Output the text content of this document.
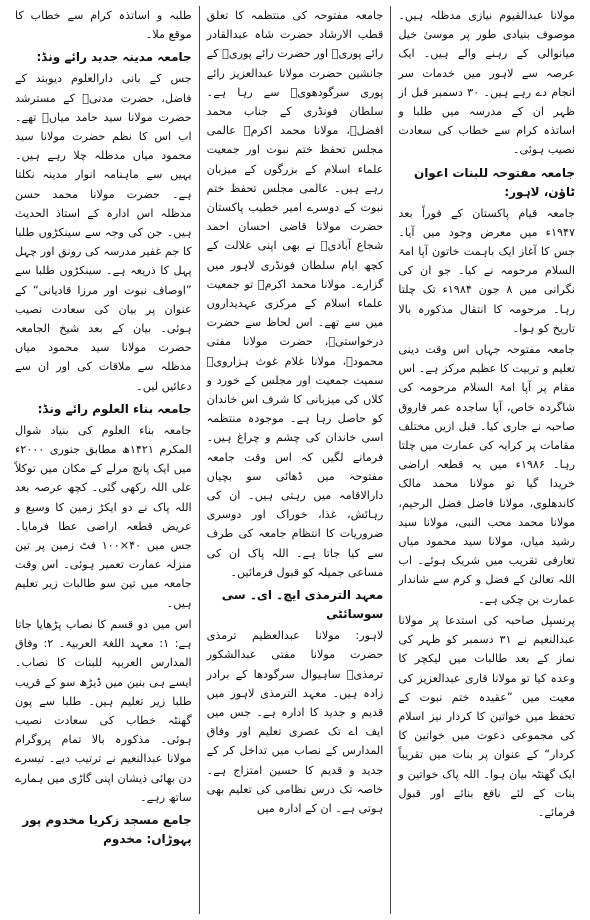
مولانا عبدالقیوم نیازی مدظلہ ہیں۔ موصوف بنیادی طور پر موسیٰ خیل میانوالی کے رہنے والے ہیں۔ ایک عرصہ سے لاہور میں خدمات سر انجام دے رہے ہیں۔ ۳۰ دسمبر قبل از ظہر ان کے مدرسہ میں طلبا و اساتذہ کرام سے خطاب کی سعادت نصیب ہوئی۔

جامعہ مفتوحہ للبنات اعوان ٹاؤن، لاہور:

جامعہ قیام پاکستان کے فوراً بعد ۱۹۴۷ء میں معرض وجود میں آیا۔ جس کا آغاز ایک باہمت خاتون آپا امۃ السلام مرحومہ نے کیا۔ جو ان کی نگرانی میں ۸ جون ۱۹۸۴ء تک چلتا رہا۔ مرحومہ کا انتقال مذکورہ بالا تاریخ کو ہوا۔

جامعہ مفتوحہ جہاں اس وقت دینی تعلیم و تربیت کا عظیم مرکز ہے۔ اس مقام پر آپا امۃ السلام مرحومہ کی شاگردہ خاص، آپا ساجدہ عمر فاروق صاحبہ نے جاری کیا۔ قبل ازیں مختلف مقامات پر کرایہ کی عمارت میں چلتا رہا۔ ۱۹۸۶ء میں یہ قطعہ اراضی خریدا گیا تو مولانا محمد مالک کاندھلوی، مولانا فاضل فضل الرحیم، مولانا محمد محب النبی، مولانا سید رشید میاں، مولانا سید محمود میاں تعارفی تقریب میں شریک ہوئے۔ اب اللہ تعالیٰ کے فضل و کرم سے شاندار عمارت بن چکی ہے۔

پرنسپل صاحبہ کی استدعا پر مولانا عبدالنعیم نے ۳۱ دسمبر کو ظہر کی نماز کے بعد طالبات میں لیکچر کا وعدہ کیا تو مولانا قاری عبدالعزیز کی معیت میں ”عقیدہ ختم نبوت کے تحفظ میں خواتین کا کردار نیز اسلام کی مجموعی دعوت میں خواتین کا کردار“ کے عنوان پر بنات میں تقریباً ایک گھنٹہ بیان ہوا۔ اللہ پاک خواتین و بنات کے لئے نافع بنائے اور قبول فرمائے۔

جامعہ مفتوحہ کی منتظمہ کا تعلق قطب الارشاد حضرت شاہ عبدالقادر رائے پوریؒ اور حضرت رائے پوریؒ کے جانشین حضرت مولانا عبدالعزیز رائے پوری سرگودھویؒ سے رہا ہے۔ سلطان فونڈری کے جناب محمد افضلؒ، مولانا محمد اکرمؒ عالمی مجلس تحفظ ختم نبوت اور جمعیت علماء اسلام کے بزرگوں کے میزبان رہے ہیں۔ عالمی مجلس تحفظ ختم نبوت کے دوسرے امیر خطیب پاکستان حضرت مولانا قاضی احسان احمد شجاع آبادیؒ نے بھی اپنی علالت کے کچھ ایام سلطان فونڈری لاہور میں گزارے۔ مولانا محمد اکرمؒ تو جمعیت علماء اسلام کے مرکزی عہدیداروں میں سے تھے۔ اس لحاظ سے حضرت درخواستیؒ، حضرت مولانا مفتی محمودؒ، مولانا غلام غوث ہزارویؒ سمیت جمعیت اور مجلس کے خورد و کلاں کی میزبانی کا شرف اس خاندان کو حاصل رہا ہے۔ موجودہ منتظمہ اسی خاندان کی چشم و چراغ ہیں۔ فرمانے لگیں کہ اس وقت جامعہ مفتوحہ میں ڈھائی سو بچیاں دارالاقامہ میں رہتی ہیں۔ ان کی رہائش، غذا، خوراک اور دوسری ضروریات کا انتظام جامعہ کی طرف سے کیا جاتا ہے۔ اللہ پاک ان کی مساعی جمیلہ کو قبول فرمائیں۔

معہد الترمذی ایچ۔ ای۔ سی سوسائٹی

لاہور: مولانا عبدالعظیم ترمذی حضرت مولانا مفتی عبدالشکور ترمذیؒ ساہیوال سرگودھا کے برادر زادہ ہیں۔ معہد الترمذی لاہور میں قدیم و جدید کا ادارہ ہے۔ جس میں ایف اے تک عصری تعلیم اور وفاق المدارس کے نصاب میں تداخل کر کے جدید و قدیم کا حسین امتزاج ہے۔ خاصہ تک درس نظامی کی تعلیم بھی ہوتی ہے۔ ان کے ادارہ میں

طلبہ و اساتذہ کرام سے خطاب کا موقع ملا۔

جامعہ مدینہ جدید رائے ونڈ:

جس کے بانی دارالعلوم دیوبند کے فاضل، حضرت مدنیؒ کے مسترشد حضرت مولانا سید حامد میاںؒ تھے۔ اب اس کا نظم حضرت مولانا سید محمود میاں مدظلہ چلا رہے ہیں۔ یہیں سے ماہنامہ انوار مدینہ نکلتا ہے۔ حضرت مولانا محمد حسن مدظلہ اس ادارہ کے استاذ الحدیث ہیں۔ جن کی وجہ سے سینکڑوں طلبا کا جم غفیر مدرسہ کی رونق اور چہل پہل کا ذریعہ ہے۔ سینکڑوں طلبا سے ”اوصاف نبوت اور مرزا قادیانی“ کے عنوان پر بیان کی سعادت نصیب ہوئی۔ بیان کے بعد شیخ الجامعہ حضرت مولانا سید محمود میاں مدظلہ سے ملاقات کی اور ان سے دعائیں لیں۔

جامعہ بناء العلوم رائے ونڈ:

جامعہ بناء العلوم کی بنیاد شوال المکرم ۱۴۲۱ھ مطابق جنوری ۲۰۰۰ء میں ایک پانچ مرلے کے مکان میں توکلاً علی اللہ رکھی گئی۔ کچھ عرصہ بعد اللہ پاک نے دو ایکڑ زمین کا وسیع و عریض قطعہ اراضی عطا فرمایا۔ جس میں ۴۰×۱۰۰ فٹ زمین پر تین منزلہ عمارت تعمیر ہوئی۔ اس وقت جامعہ میں تین سو طالبات زیر تعلیم ہیں۔

اس میں دو قسم کا نصاب پڑھایا جاتا ہے: ۱: معہد اللغۃ العربیۃ۔ ۲: وفاق المدارس العربیہ للبنات کا نصاب۔ ایسے ہی بنین میں ڈیڑھ سو کے قریب طلبا زیر تعلیم ہیں۔ طلبا سے پون گھنٹہ خطاب کی سعادت نصیب ہوئی۔ مذکورہ بالا تمام پروگرام مولانا عبدالنعیم نے ترتیب دیے۔ تیسرے دن بھائی ذیشان اپنی گاڑی میں ہمارے ساتھ رہے۔

جامع مسجد زکریا مخدوم پور پہوڑاں: مخدوم
